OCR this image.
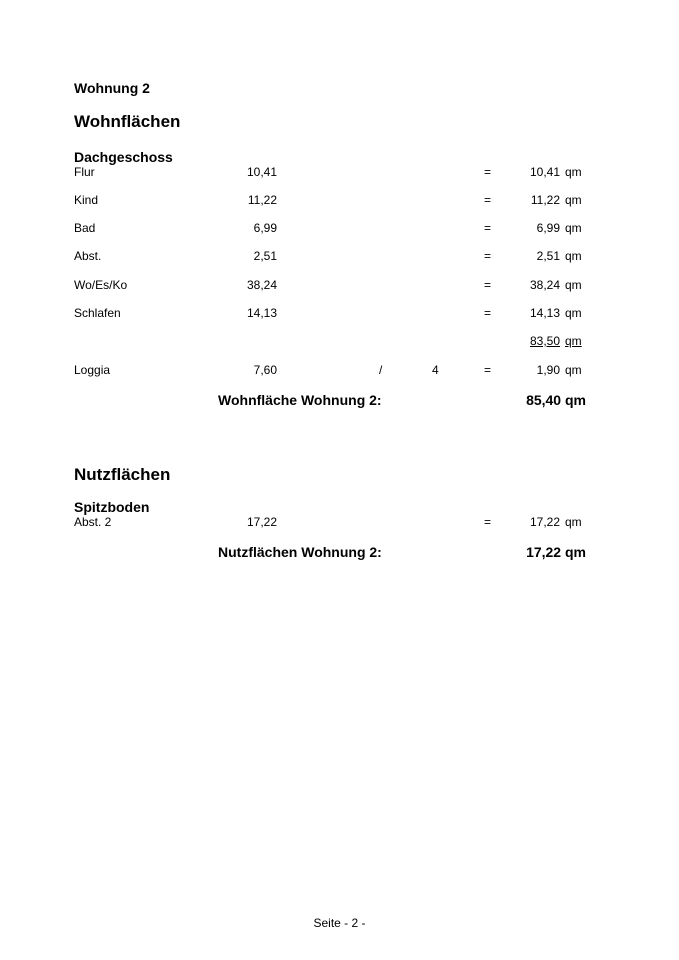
Wohnung 2
Wohnflächen
Dachgeschoss
Flur	10,41	=	10,41 qm
Kind	11,22	=	11,22 qm
Bad	6,99	=	6,99 qm
Abst.	2,51	=	2,51 qm
Wo/Es/Ko	38,24	=	38,24 qm
Schlafen	14,13	=	14,13 qm
83,50 qm
Loggia	7,60	/	4	=	1,90 qm
Wohnfläche Wohnung 2:	85,40 qm
Nutzflächen
Spitzboden
Abst. 2	17,22	=	17,22 qm
Nutzflächen Wohnung 2:	17,22 qm
Seite - 2 -
